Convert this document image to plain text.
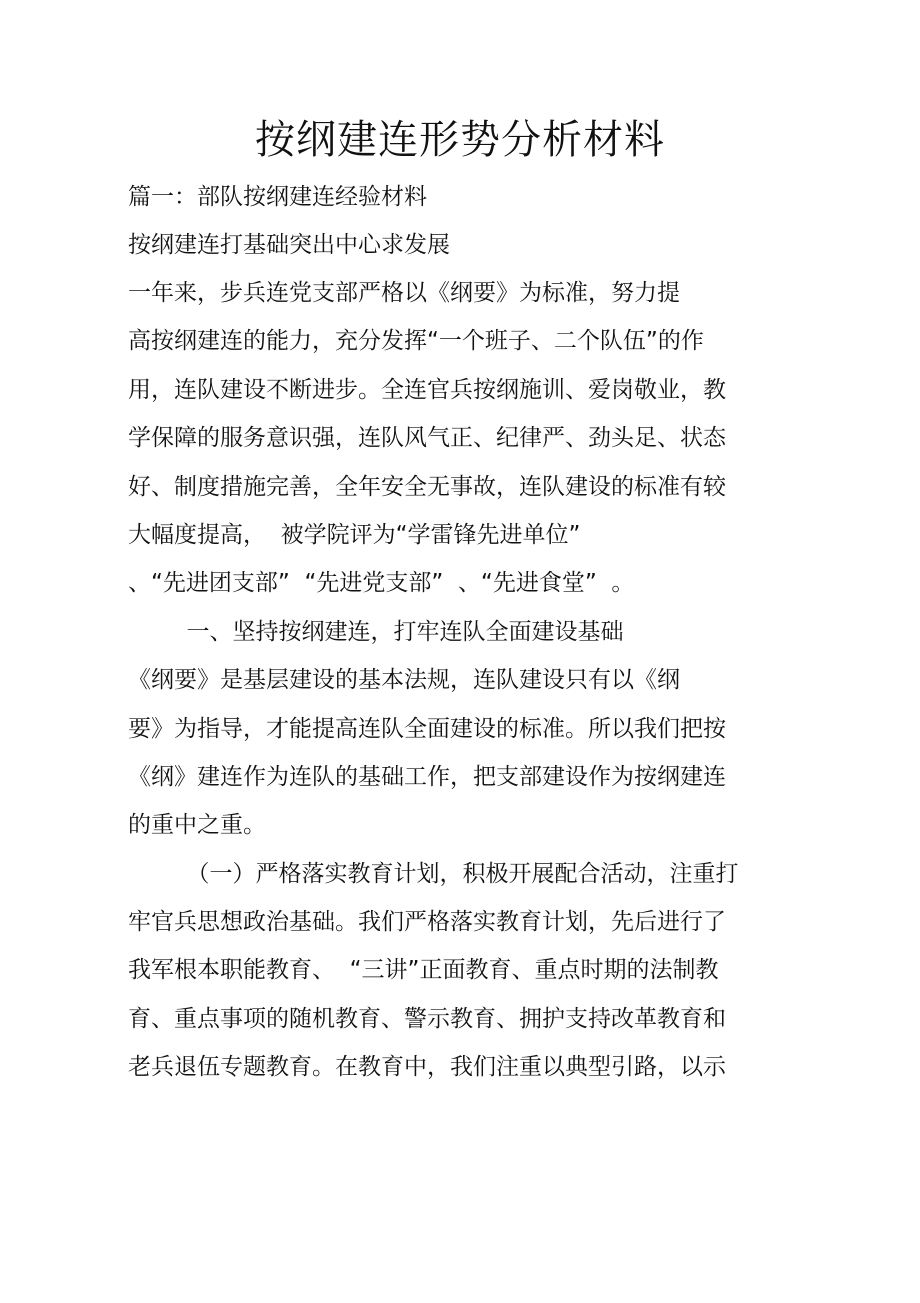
按纲建连形势分析材料
篇一：部队按纲建连经验材料
按纲建连打基础突出中心求发展
一年来，步兵连党支部严格以《纲要》为标准，努力提
高按纲建连的能力，充分发挥“一个班子、二个队伍”的作
用，连队建设不断进步。全连官兵按纲施训、爱岗敬业，教
学保障的服务意识强，连队风气正、纪律严、劲头足、状态
好、制度措施完善，全年安全无事故，连队建设的标准有较
大幅度提高，  被学院评为“学雷锋先进单位”
、“先进团支部”  “先进党支部”  、“先进食堂”  。
一、坚持按纲建连，打牢连队全面建设基础
《纲要》是基层建设的基本法规，连队建设只有以《纲
要》为指导，才能提高连队全面建设的标准。所以我们把按
《纲》建连作为连队的基础工作，把支部建设作为按纲建连
的重中之重。
（一）严格落实教育计划，积极开展配合活动，注重打
牢官兵思想政治基础。我们严格落实教育计划，先后进行了
我军根本职能教育、  “三讲”正面教育、重点时期的法制教
育、重点事项的随机教育、警示教育、拥护支持改革教育和
老兵退伍专题教育。在教育中，我们注重以典型引路，以示
